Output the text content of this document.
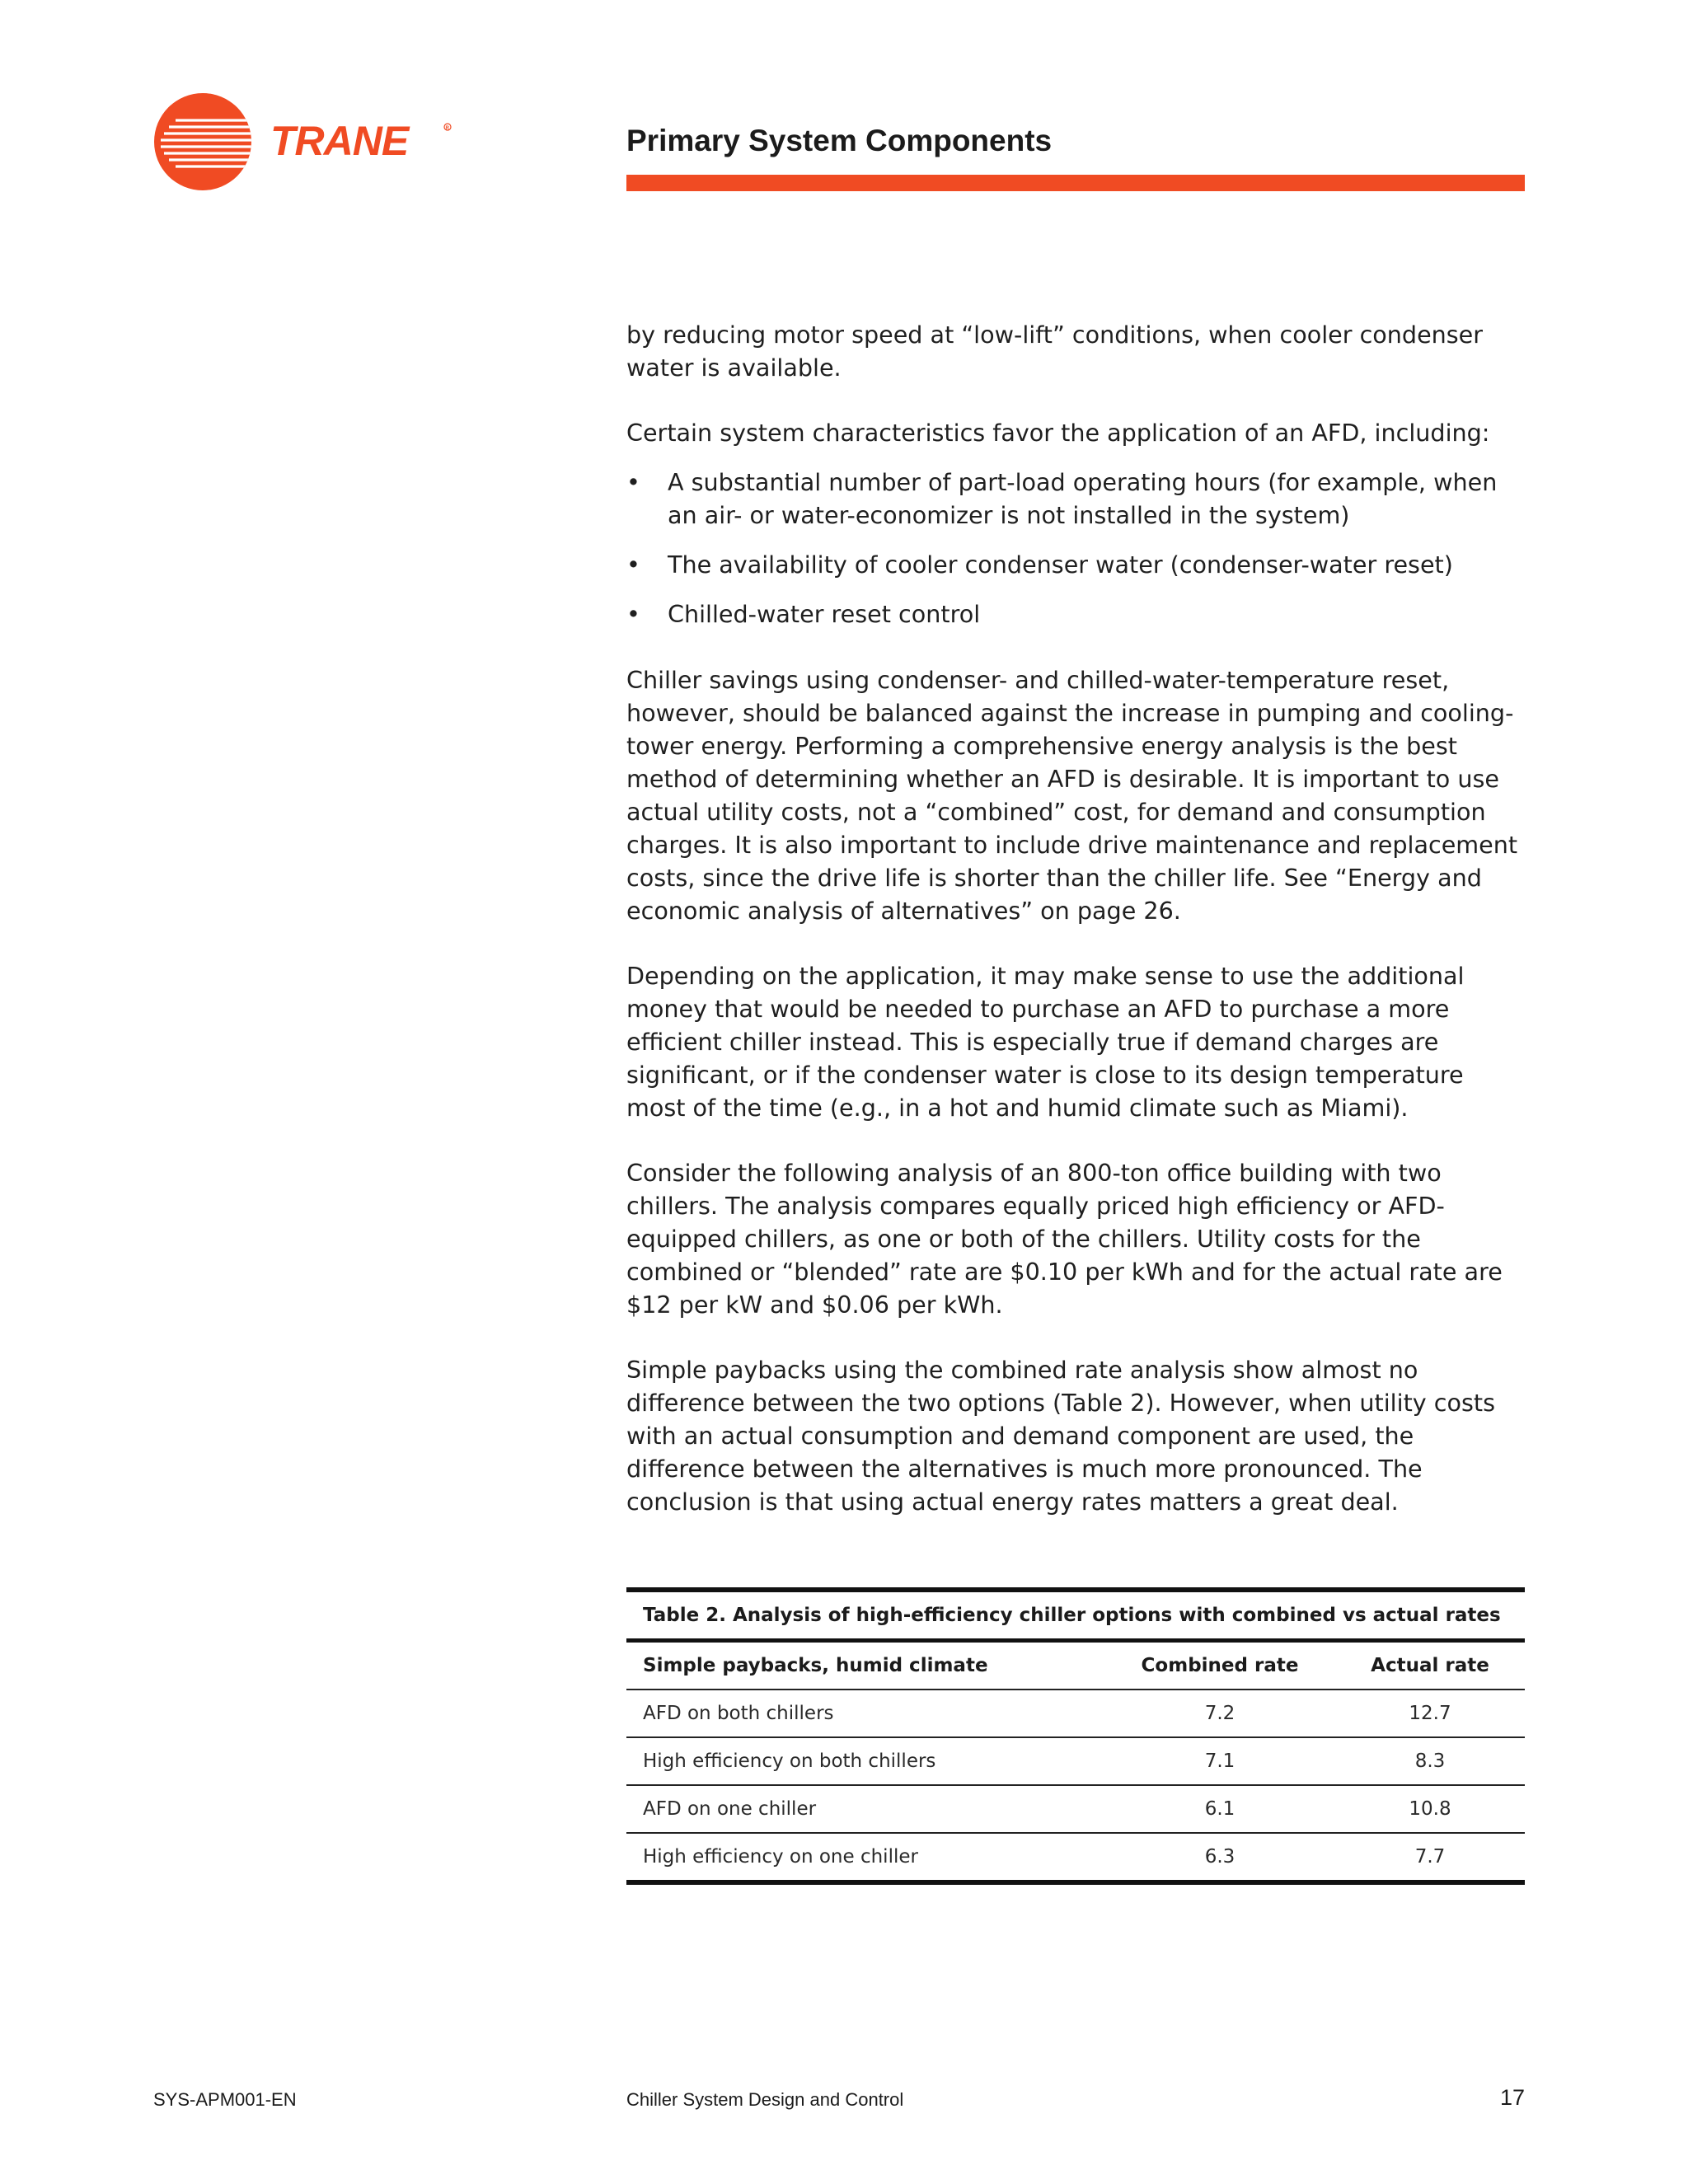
TRANE	R	Primary System Components

by reducing motor speed at “low-lift” conditions, when cooler condenser water is available.

Certain system characteristics favor the application of an AFD, including:

• A substantial number of part-load operating hours (for example, when an air- or water-economizer is not installed in the system)
• The availability of cooler condenser water (condenser-water reset)
• Chilled-water reset control

Chiller savings using condenser- and chilled-water-temperature reset, however, should be balanced against the increase in pumping and cooling-tower energy. Performing a comprehensive energy analysis is the best method of determining whether an AFD is desirable. It is important to use actual utility costs, not a “combined” cost, for demand and consumption charges. It is also important to include drive maintenance and replacement costs, since the drive life is shorter than the chiller life. See “Energy and economic analysis of alternatives” on page 26.

Depending on the application, it may make sense to use the additional money that would be needed to purchase an AFD to purchase a more efficient chiller instead. This is especially true if demand charges are significant, or if the condenser water is close to its design temperature most of the time (e.g., in a hot and humid climate such as Miami).

Consider the following analysis of an 800-ton office building with two chillers. The analysis compares equally priced high efficiency or AFD-equipped chillers, as one or both of the chillers. Utility costs for the combined or “blended” rate are $0.10 per kWh and for the actual rate are $12 per kW and $0.06 per kWh.

Simple paybacks using the combined rate analysis show almost no difference between the two options (Table 2). However, when utility costs with an actual consumption and demand component are used, the difference between the alternatives is much more pronounced. The conclusion is that using actual energy rates matters a great deal.

Table 2. Analysis of high-efficiency chiller options with combined vs actual rates
Simple paybacks, humid climate	Combined rate	Actual rate
AFD on both chillers	7.2	12.7
High efficiency on both chillers	7.1	8.3
AFD on one chiller	6.1	10.8
High efficiency on one chiller	6.3	7.7
SYS-APM001-EN	Chiller System Design and Control	17
